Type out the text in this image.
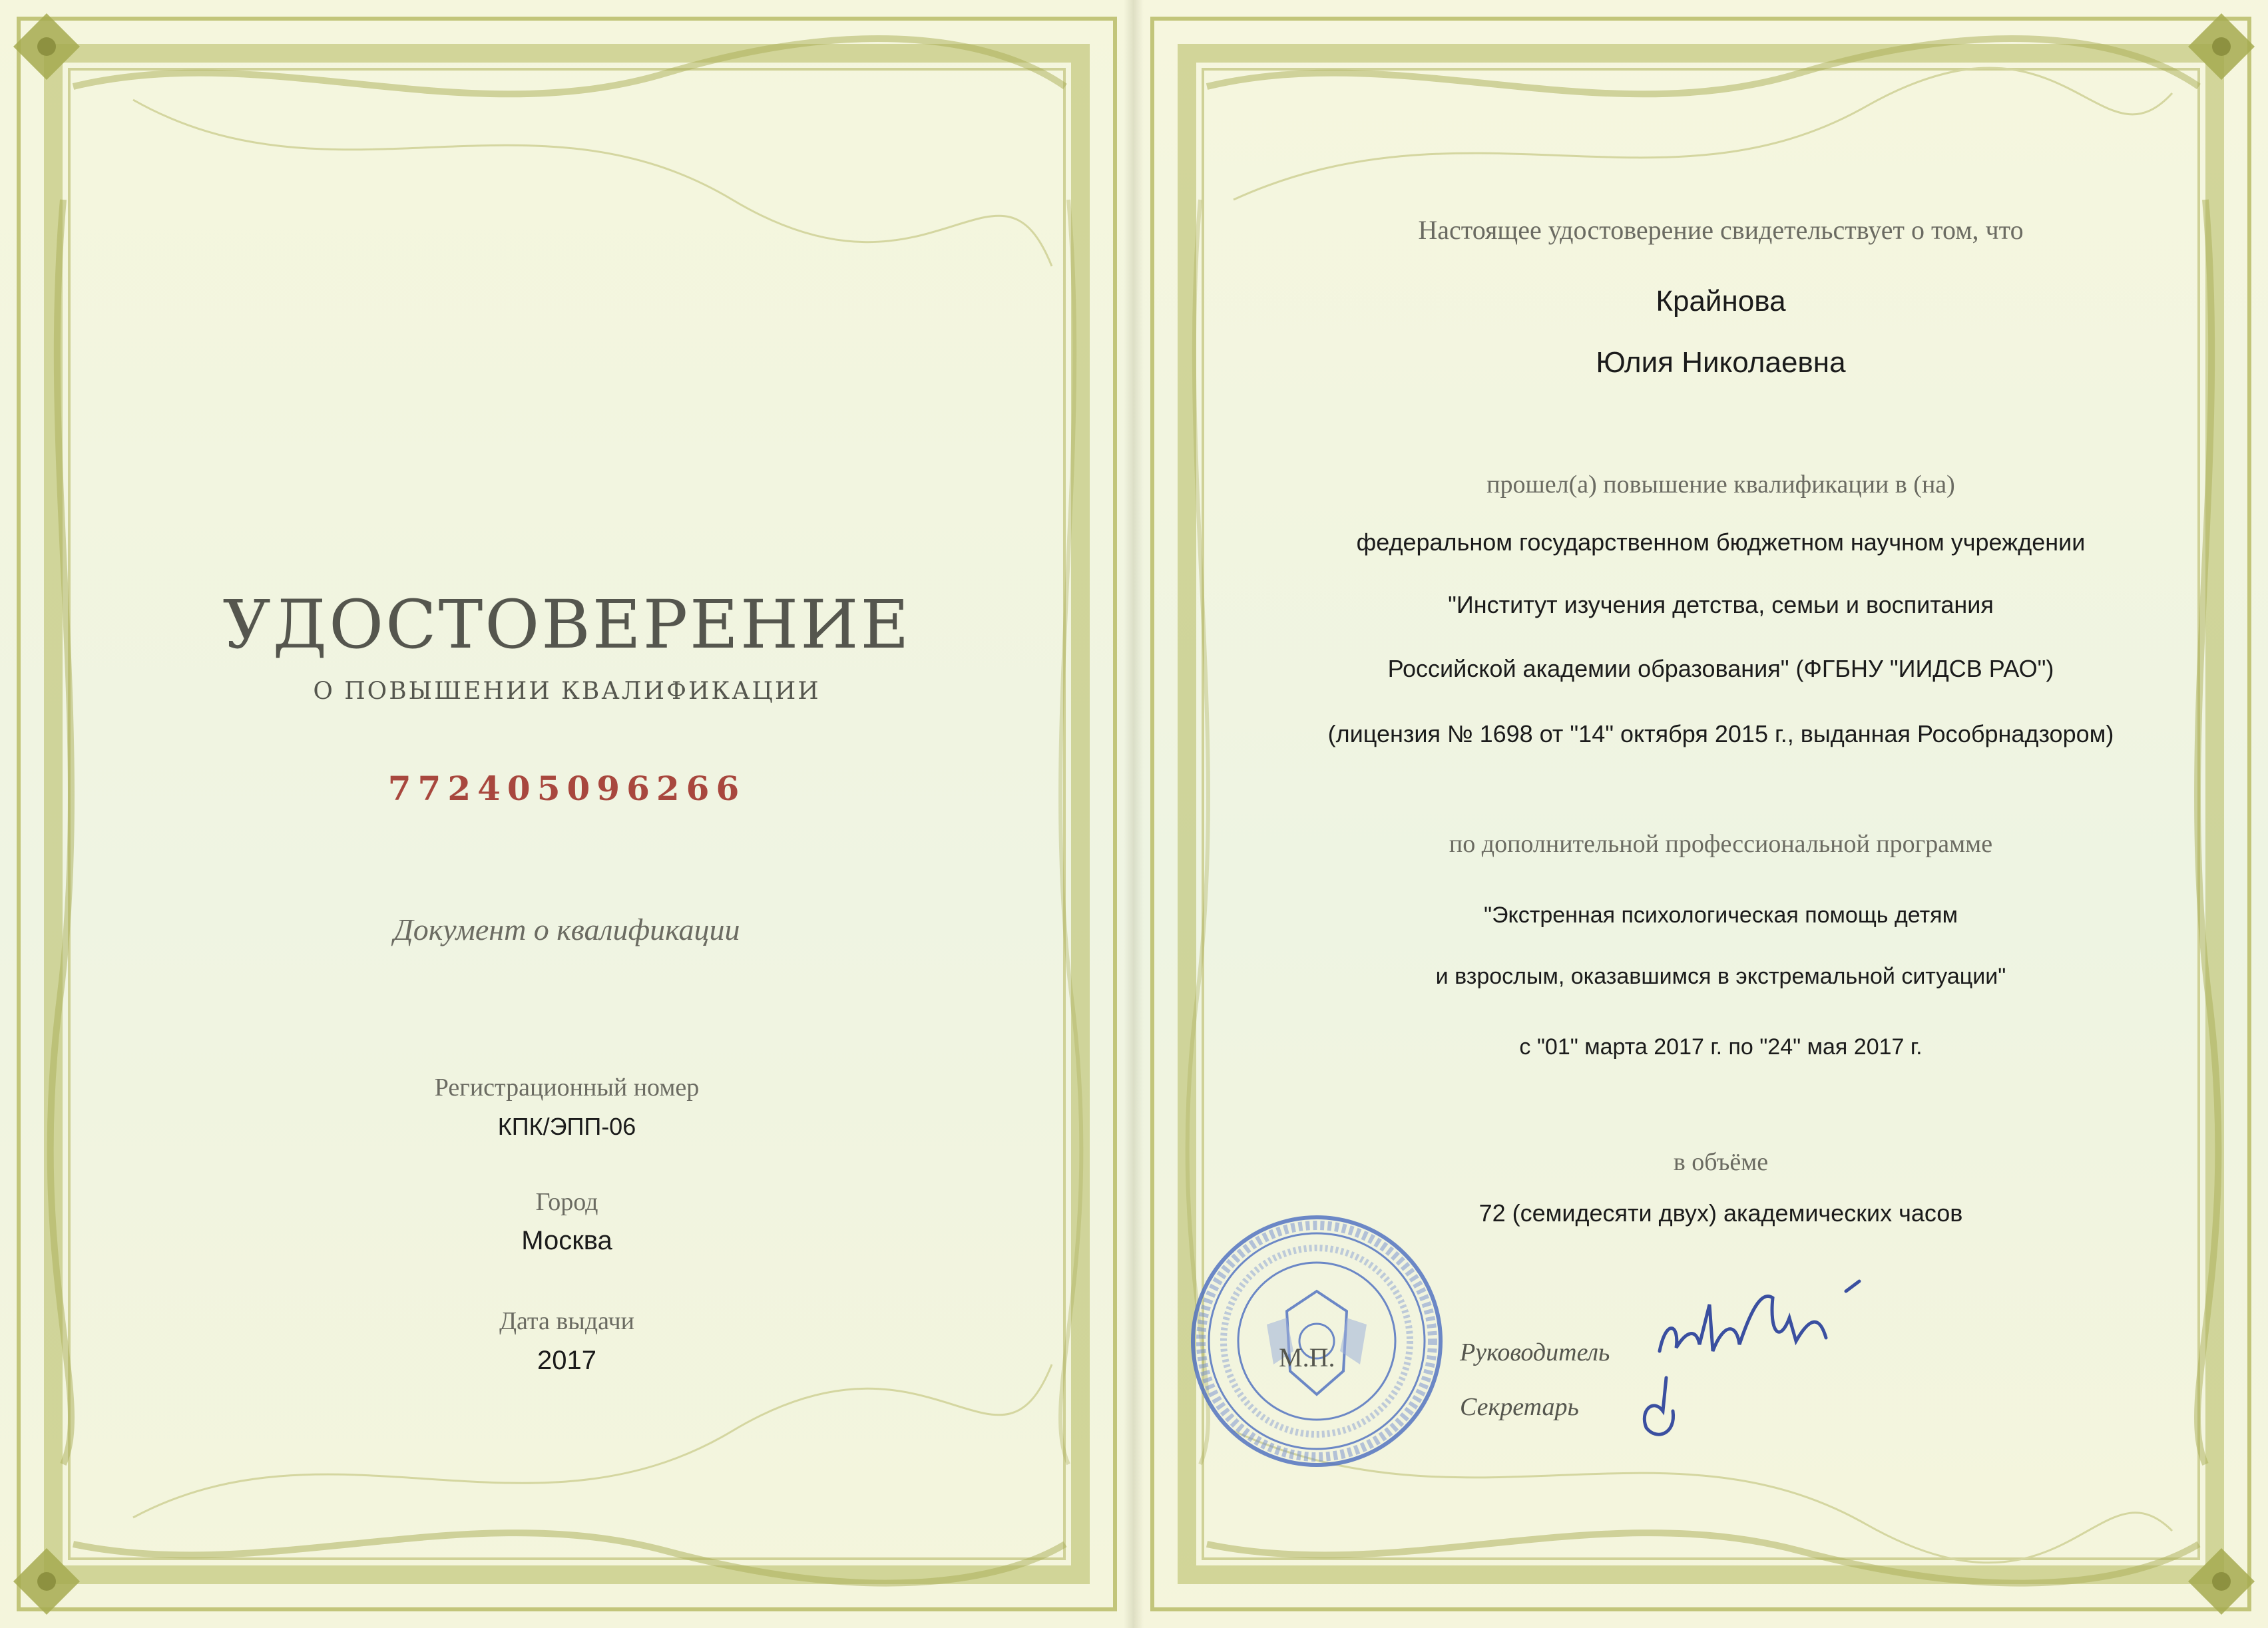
УДОСТОВЕРЕНИЕ
О ПОВЫШЕНИИ КВАЛИФИКАЦИИ
772405096266
Документ о квалификации
Регистрационный номер
КПК/ЭПП-06
Город
Москва
Дата выдачи
2017
Настоящее удостоверение свидетельствует о том, что
Крайнова
Юлия Николаевна
прошел(а) повышение квалификации в (на)
федеральном государственном бюджетном научном учреждении
"Институт изучения детства, семьи и воспитания
Российской академии образования" (ФГБНУ "ИИДСВ РАО")
(лицензия № 1698 от "14" октября 2015 г., выданная Рособрнадзором)
по дополнительной профессиональной программе
"Экстренная психологическая помощь детям
и взрослым, оказавшимся в экстремальной ситуации"
с "01" марта 2017 г. по "24" мая 2017 г.
в объёме
72 (семидесяти двух) академических часов
М.П.	Руководитель
Секретарь
